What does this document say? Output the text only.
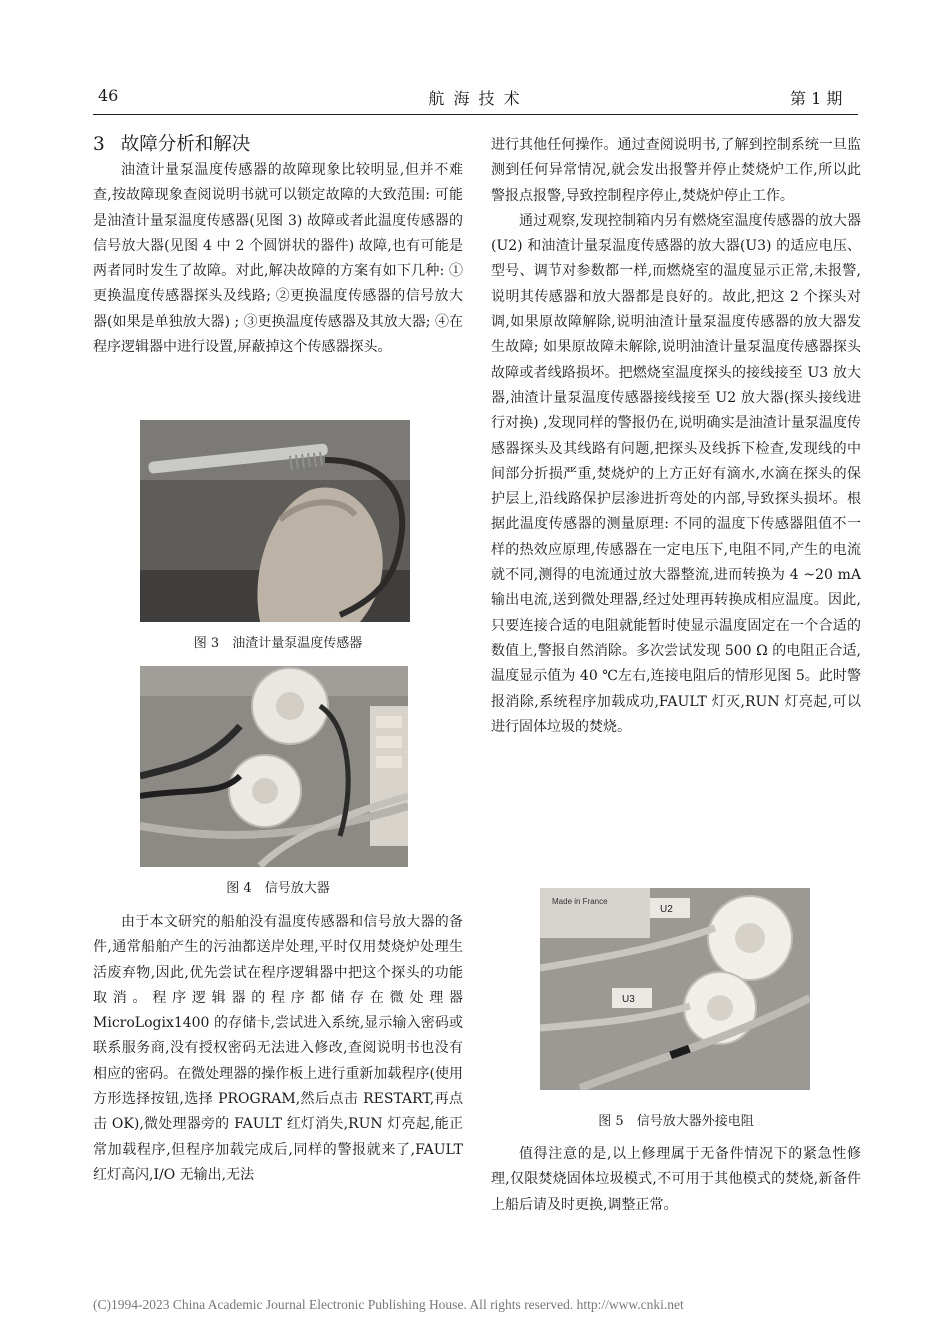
46	航 海 技 术	第 1 期
3 故障分析和解决

油渣计量泵温度传感器的故障现象比较明显,但并不难查,按故障现象查阅说明书就可以锁定故障的大致范围: 可能是油渣计量泵温度传感器(见图 3) 故障或者此温度传感器的信号放大器(见图 4 中 2 个圆饼状的器件) 故障,也有可能是两者同时发生了故障。对此,解决故障的方案有如下几种: ①更换温度传感器探头及线路; ②更换温度传感器的信号放大器(如果是单独放大器) ; ③更换温度传感器及其放大器; ④在程序逻辑器中进行设置,屏蔽掉这个传感器探头。

图 3　油渣计量泵温度传感器
图 4　信号放大器

由于本文研究的船舶没有温度传感器和信号放大器的备件,通常船舶产生的污油都送岸处理,平时仅用焚烧炉处理生活废弃物,因此,优先尝试在程序逻辑器中把这个探头的功能取消。程序逻辑器的程序都储存在微处理器 MicroLogix1400 的存储卡,尝试进入系统,显示输入密码或联系服务商,没有授权密码无法进入修改,查阅说明书也没有相应的密码。在微处理器的操作板上进行重新加载程序(使用方形选择按钮,选择 PROGRAM,然后点击 RESTART,再点击 OK),微处理器旁的 FAULT 红灯消失,RUN 灯亮起,能正常加载程序,但程序加载完成后,同样的警报就来了,FAULT 红灯高闪,I/O 无输出,无法

进行其他任何操作。通过查阅说明书,了解到控制系统一旦监测到任何异常情况,就会发出报警并停止焚烧炉工作,所以此警报点报警,导致控制程序停止,焚烧炉停止工作。

通过观察,发现控制箱内另有燃烧室温度传感器的放大器(U2) 和油渣计量泵温度传感器的放大器(U3) 的适应电压、型号、调节对参数都一样,而燃烧室的温度显示正常,未报警,说明其传感器和放大器都是良好的。故此,把这 2 个探头对调,如果原故障解除,说明油渣计量泵温度传感器的放大器发生故障; 如果原故障未解除,说明油渣计量泵温度传感器探头故障或者线路损坏。把燃烧室温度探头的接线接至 U3 放大器,油渣计量泵温度传感器接线接至 U2 放大器(探头接线进行对换) ,发现同样的警报仍在,说明确实是油渣计量泵温度传感器探头及其线路有问题,把探头及线拆下检查,发现线的中间部分折损严重,焚烧炉的上方正好有滴水,水滴在探头的保护层上,沿线路保护层渗进折弯处的内部,导致探头损坏。根据此温度传感器的测量原理: 不同的温度下传感器阻值不一样的热效应原理,传感器在一定电压下,电阻不同,产生的电流就不同,测得的电流通过放大器整流,进而转换为 4 ~20 mA 输出电流,送到微处理器,经过处理再转换成相应温度。因此,只要连接合适的电阻就能暂时使显示温度固定在一个合适的数值上,警报自然消除。多次尝试发现 500 Ω 的电阻正合适,温度显示值为 40 ℃左右,连接电阻后的情形见图 5。此时警报消除,系统程序加载成功,FAULT 灯灭,RUN 灯亮起,可以进行固体垃圾的焚烧。

Made in France
U2
U3
图 5　信号放大器外接电阻

值得注意的是,以上修理属于无备件情况下的紧急性修理,仅限焚烧固体垃圾模式,不可用于其他模式的焚烧,新备件上船后请及时更换,调整正常。

(C)1994-2023 China Academic Journal Electronic Publishing House. All rights reserved. http://www.cnki.net
